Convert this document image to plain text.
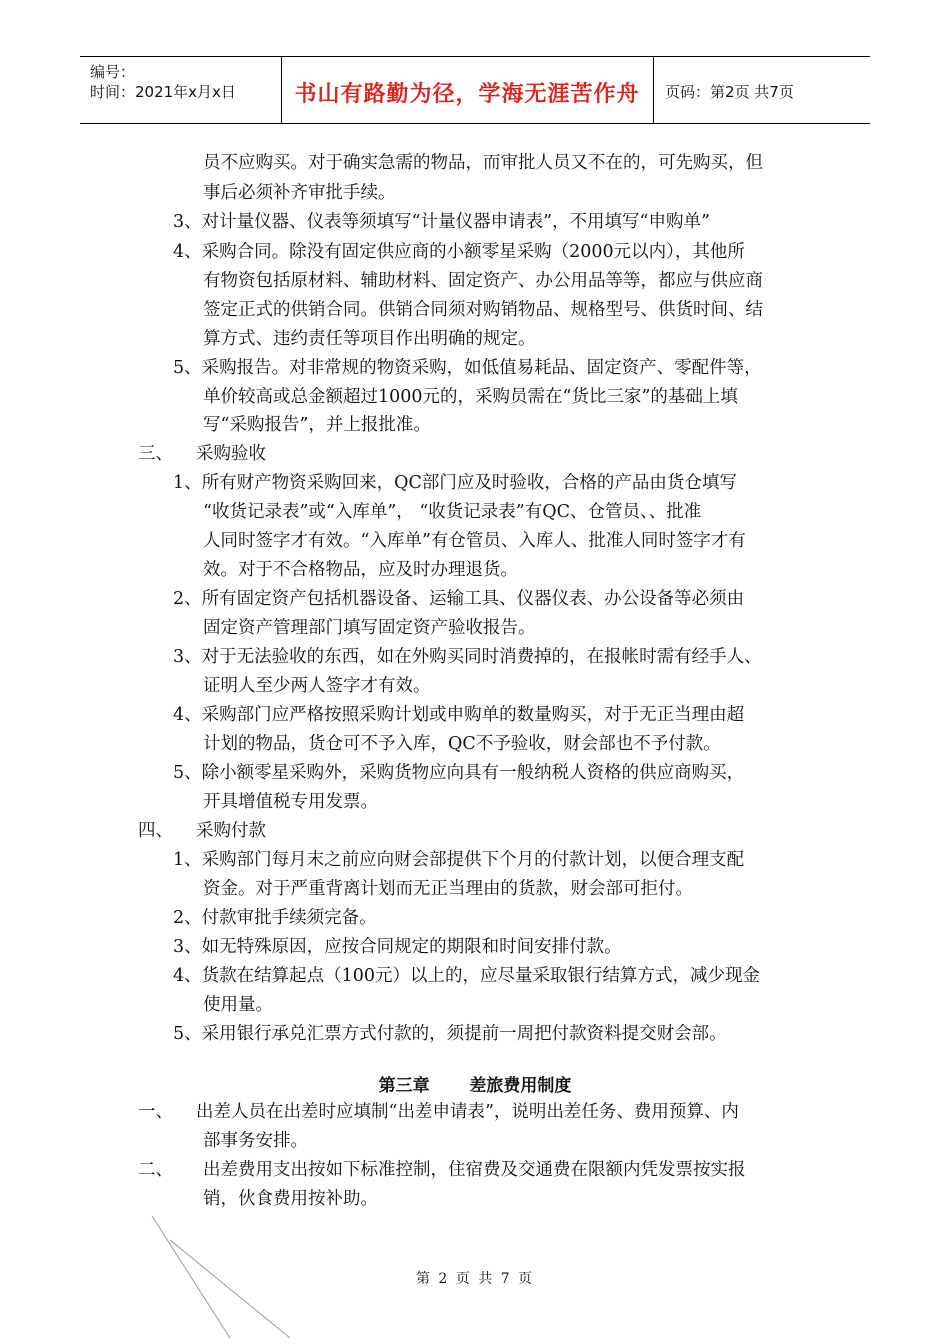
编号：
时间：2021年x月x日	书山有路勤为径，学海无涯苦作舟	页码：第2页 共7页
员不应购买。对于确实急需的物品，而审批人员又不在的，可先购买，但
事后必须补齐审批手续。
3、对计量仪器、仪表等须填写“计量仪器申请表”，不用填写“申购单”
4、采购合同。除没有固定供应商的小额零星采购（2000元以内），其他所
有物资包括原材料、辅助材料、固定资产、办公用品等等，都应与供应商
签定正式的供销合同。供销合同须对购销物品、规格型号、供货时间、结
算方式、违约责任等项目作出明确的规定。
5、采购报告。对非常规的物资采购，如低值易耗品、固定资产、零配件等，
单价较高或总金额超过1000元的，采购员需在“货比三家”的基础上填
写“采购报告”，并上报批准。
三、 采购验收
1、所有财产物资采购回来，QC部门应及时验收，合格的产品由货仓填写
“收货记录表”或“入库单”， “收货记录表”有QC、仓管员、、批准
人同时签字才有效。“入库单”有仓管员、入库人、批准人同时签字才有
效。对于不合格物品，应及时办理退货。
2、所有固定资产包括机器设备、运输工具、仪器仪表、办公设备等必须由
固定资产管理部门填写固定资产验收报告。
3、对于无法验收的东西，如在外购买同时消费掉的，在报帐时需有经手人、
证明人至少两人签字才有效。
4、采购部门应严格按照采购计划或申购单的数量购买，对于无正当理由超
计划的物品，货仓可不予入库，QC不予验收，财会部也不予付款。
5、除小额零星采购外，采购货物应向具有一般纳税人资格的供应商购买，
开具增值税专用发票。
四、 采购付款
1、采购部门每月末之前应向财会部提供下个月的付款计划，以便合理支配
资金。对于严重背离计划而无正当理由的货款，财会部可拒付。
2、付款审批手续须完备。
3、如无特殊原因，应按合同规定的期限和时间安排付款。
4、货款在结算起点（100元）以上的，应尽量采取银行结算方式，减少现金
使用量。
5、采用银行承兑汇票方式付款的，须提前一周把付款资料提交财会部。
第三章 差旅费用制度
一、 出差人员在出差时应填制“出差申请表”，说明出差任务、费用预算、内
部事务安排。
二、 出差费用支出按如下标准控制，住宿费及交通费在限额内凭发票按实报
销，伙食费用按补助。
第 2 页 共 7 页
